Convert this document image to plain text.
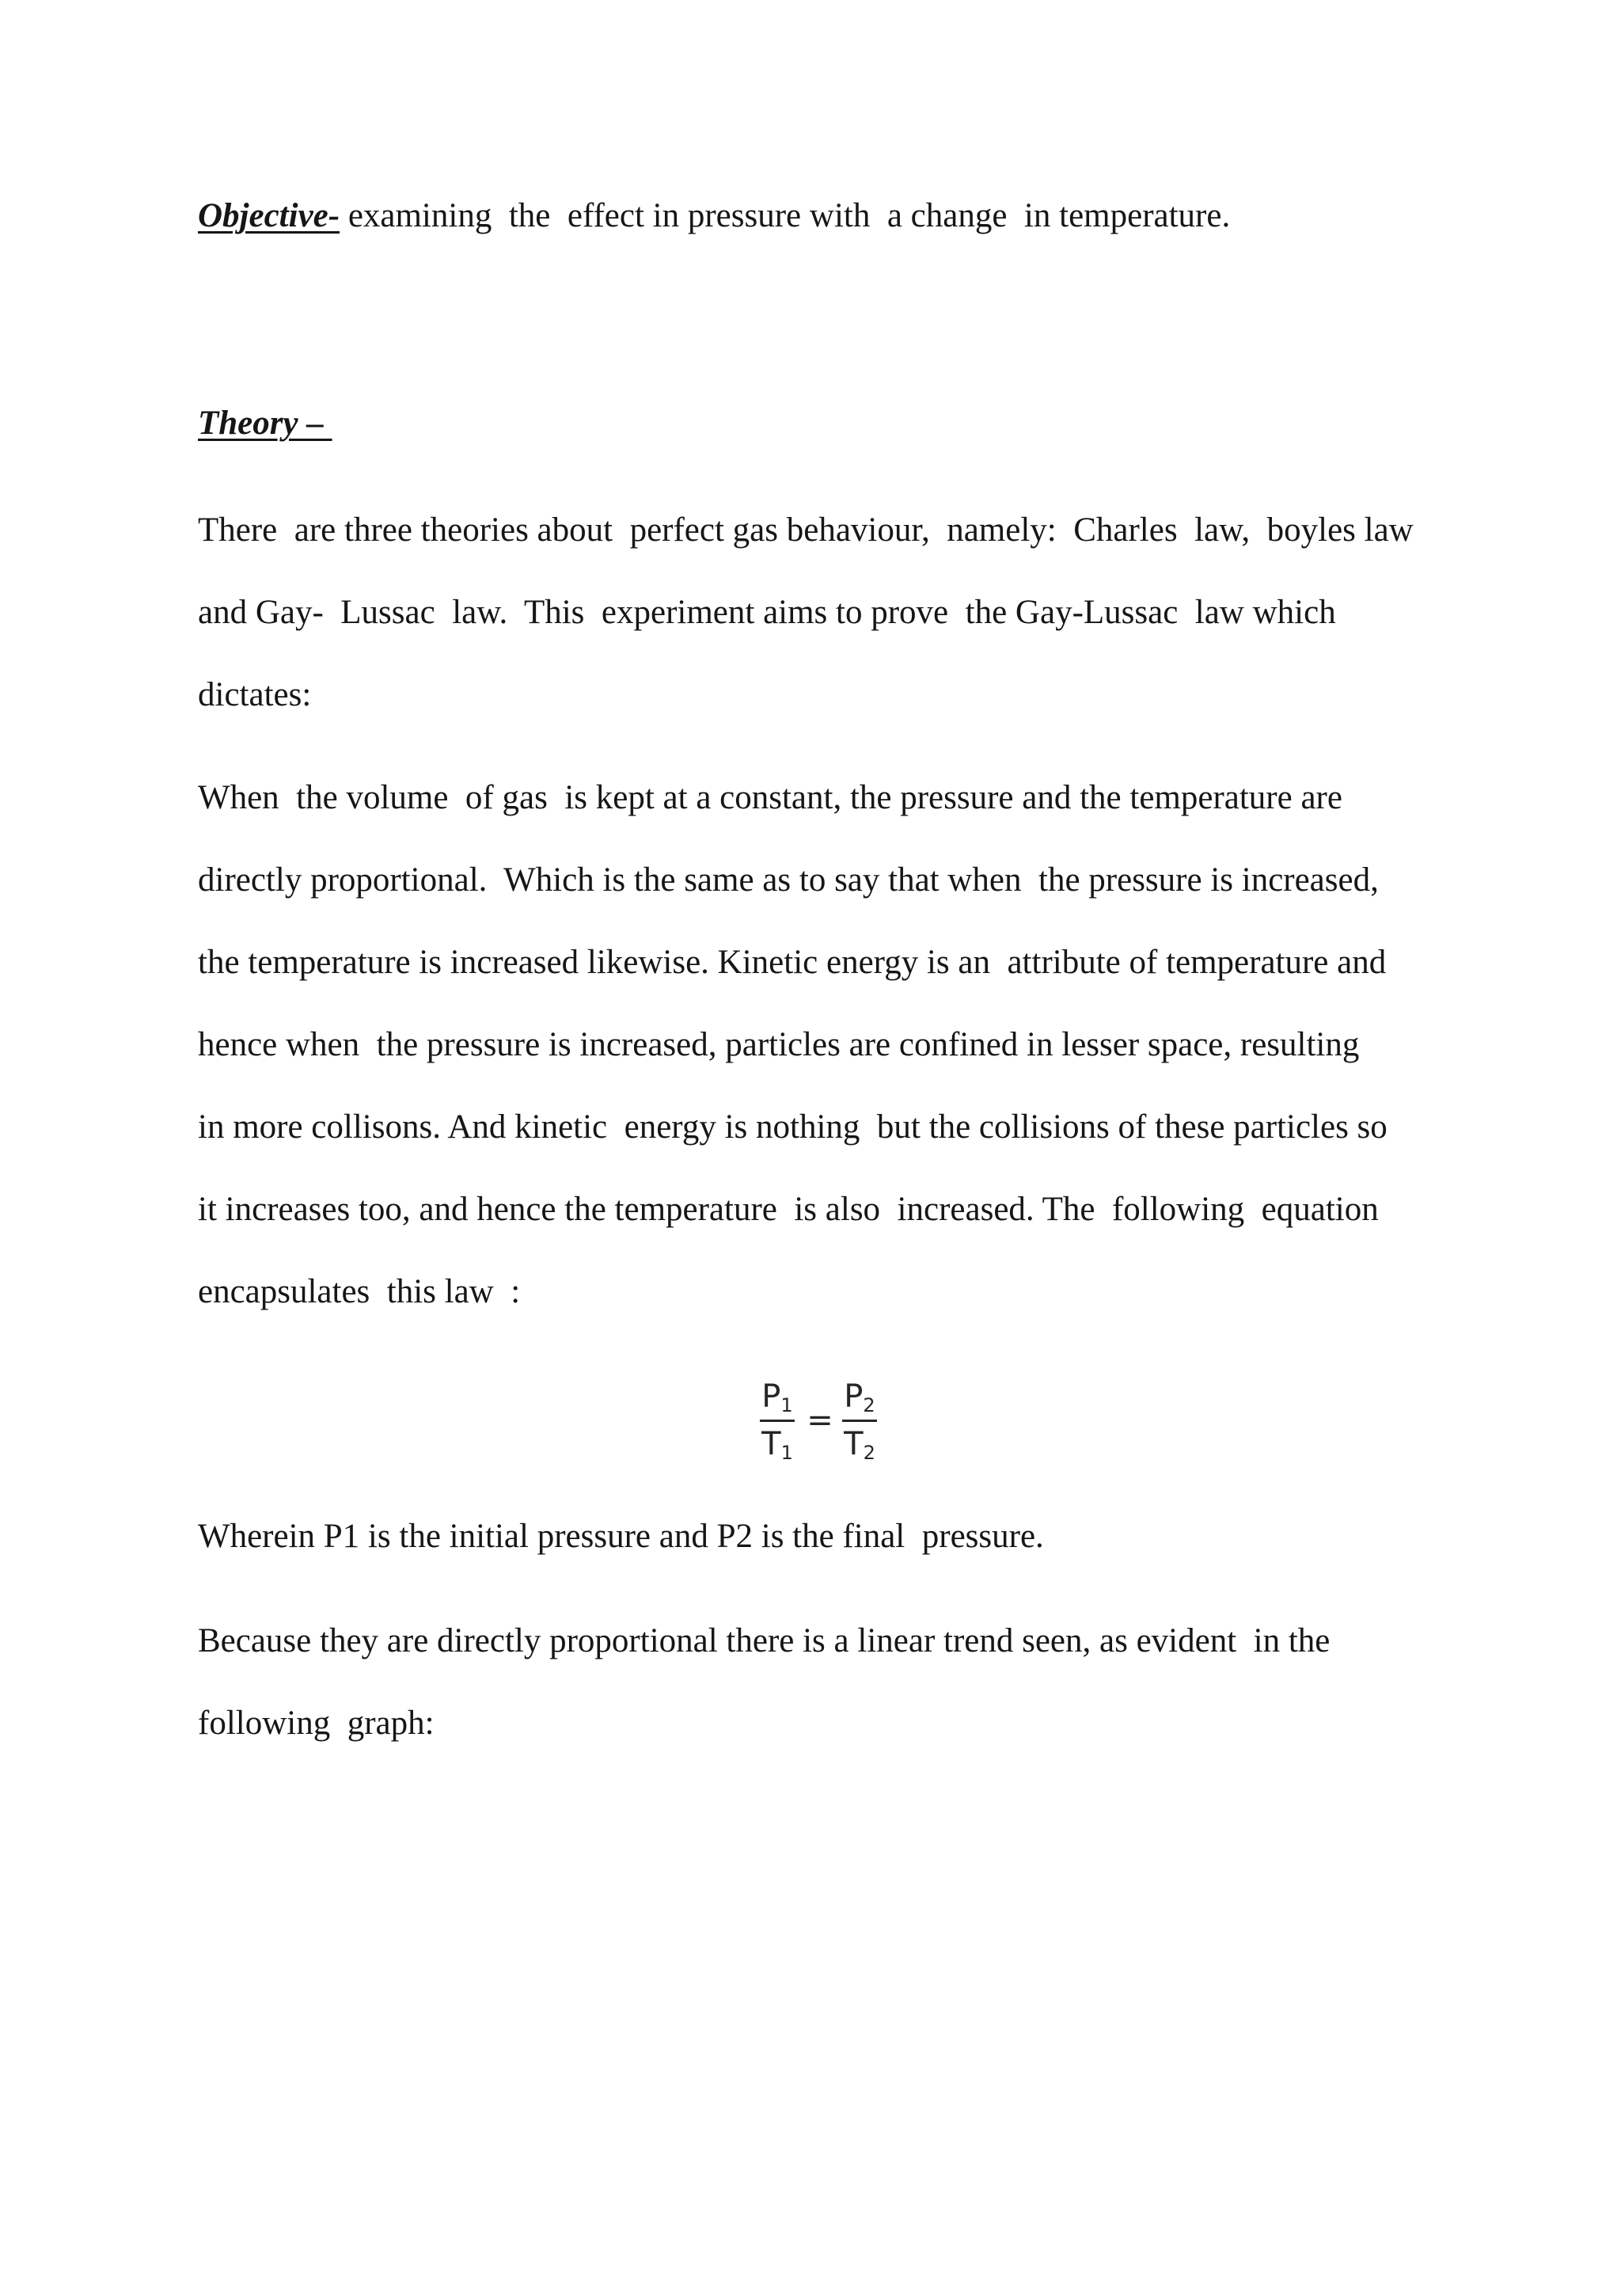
Objective- examining  the  effect in pressure with  a change  in temperature.

Theory –

There  are three theories about  perfect gas behaviour,  namely:  Charles  law,  boyles law

and Gay-  Lussac  law.  This  experiment aims to prove  the Gay-Lussac  law which

dictates:

When  the volume  of gas  is kept at a constant, the pressure and the temperature are

directly proportional.  Which is the same as to say that when  the pressure is increased,

the temperature is increased likewise. Kinetic energy is an  attribute of temperature and

hence when  the pressure is increased, particles are confined in lesser space, resulting

in more collisons. And kinetic  energy is nothing  but the collisions of these particles so

it increases too, and hence the temperature  is also  increased. The  following  equation

encapsulates  this law  :

$P_1$
$T_1$
=
$P_2$
$T_2$

Wherein P1 is the initial pressure and P2 is the final  pressure.

Because they are directly proportional there is a linear trend seen, as evident  in the

following  graph:
